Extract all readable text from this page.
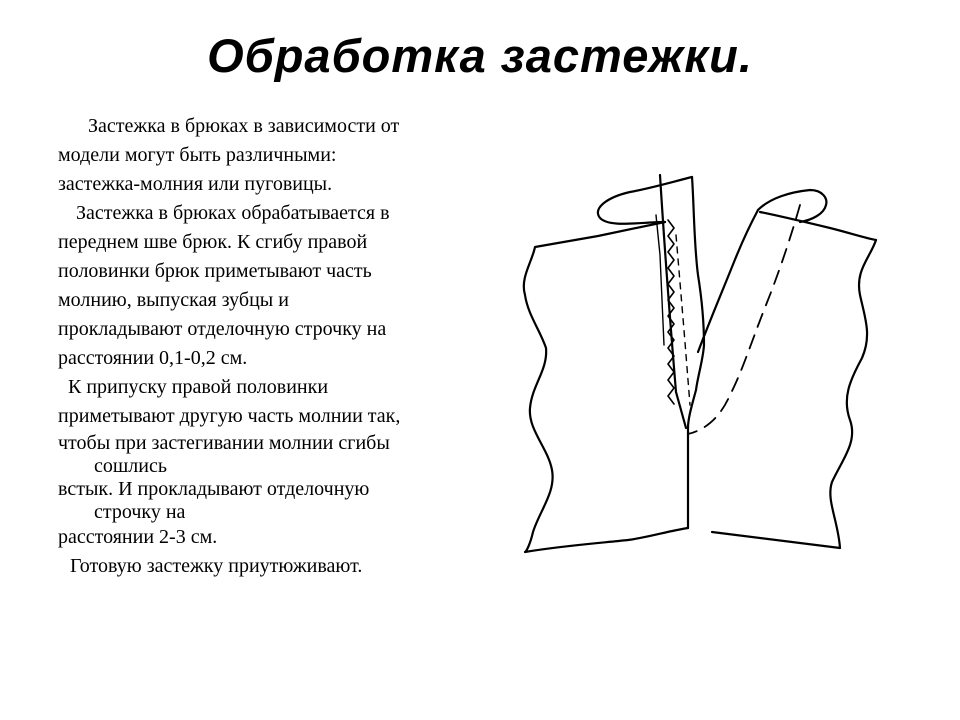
Обработка застежки.
Застежка в брюках в зависимости от
модели могут быть различными:
застежка-молния или пуговицы.
Застежка в брюках обрабатывается в
переднем шве брюк. К сгибу правой
половинки брюк приметывают часть
молнию, выпуская зубцы и
прокладывают отделочную строчку на
расстоянии 0,1-0,2 см.
К припуску правой половинки
приметывают другую часть молнии так,
чтобы при застегивании молнии сгибы
сошлись
встык. И прокладывают отделочную
строчку на
расстоянии 2-3 см.
Готовую застежку приутюживают.
